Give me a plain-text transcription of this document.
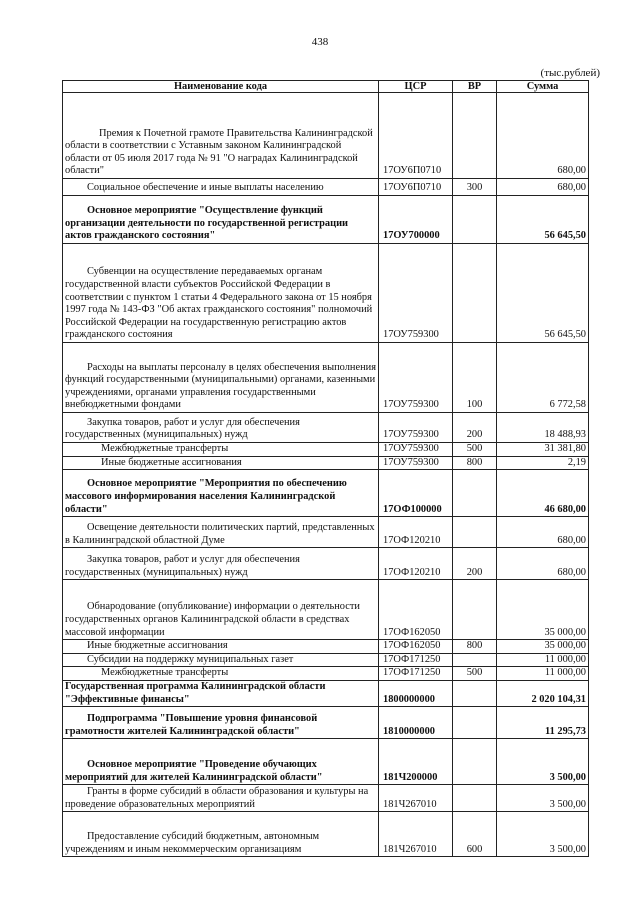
438
(тыс.рублей)
Наименование кода	ЦСР	ВР	Сумма
Премия к Почетной грамоте Правительства Калининградской области в соответствии с Уставным законом Калининградской области от 05 июля 2017 года № 91 "О наградах Калининградской области"	17ОУ6П0710		680,00
Социальное обеспечение и иные выплаты населению	17ОУ6П0710	300	680,00
Основное мероприятие "Осуществление функций организации деятельности по государственной регистрации актов гражданского состояния"	17ОУ700000		56 645,50
Субвенции на осуществление передаваемых органам государственной власти субъектов Российской Федерации в соответствии с пунктом 1 статьи 4 Федерального закона от 15 ноября 1997 года № 143-ФЗ "Об актах гражданского состояния" полномочий Российской Федерации на государственную регистрацию актов гражданского состояния	17ОУ759300		56 645,50
Расходы на выплаты персоналу в целях обеспечения выполнения функций государственными (муниципальными) органами, казенными учреждениями, органами управления государственными внебюджетными фондами	17ОУ759300	100	6 772,58
Закупка товаров, работ и услуг для обеспечения государственных (муниципальных) нужд	17ОУ759300	200	18 488,93
Межбюджетные трансферты	17ОУ759300	500	31 381,80
Иные бюджетные ассигнования	17ОУ759300	800	2,19
Основное мероприятие "Мероприятия по обеспечению массового информирования населения Калининградской области"	17ОФ100000		46 680,00
Освещение деятельности политических партий, представленных в Калининградской областной Думе	17ОФ120210		680,00
Закупка товаров, работ и услуг для обеспечения государственных (муниципальных) нужд	17ОФ120210	200	680,00
Обнародование (опубликование) информации о деятельности государственных органов Калининградской области в средствах массовой информации	17ОФ162050		35 000,00
Иные бюджетные ассигнования	17ОФ162050	800	35 000,00
Субсидии на поддержку муниципальных газет	17ОФ171250		11 000,00
Межбюджетные трансферты	17ОФ171250	500	11 000,00
Государственная программа Калининградской области "Эффективные финансы"	1800000000		2 020 104,31
Подпрограмма "Повышение уровня финансовой грамотности жителей Калининградской области"	1810000000		11 295,73
Основное мероприятие "Проведение обучающих мероприятий для жителей Калининградской области"	181Ч200000		3 500,00
Гранты в форме субсидий в области образования и культуры на проведение образовательных мероприятий	181Ч267010		3 500,00
Предоставление субсидий бюджетным, автономным учреждениям и иным некоммерческим организациям	181Ч267010	600	3 500,00
